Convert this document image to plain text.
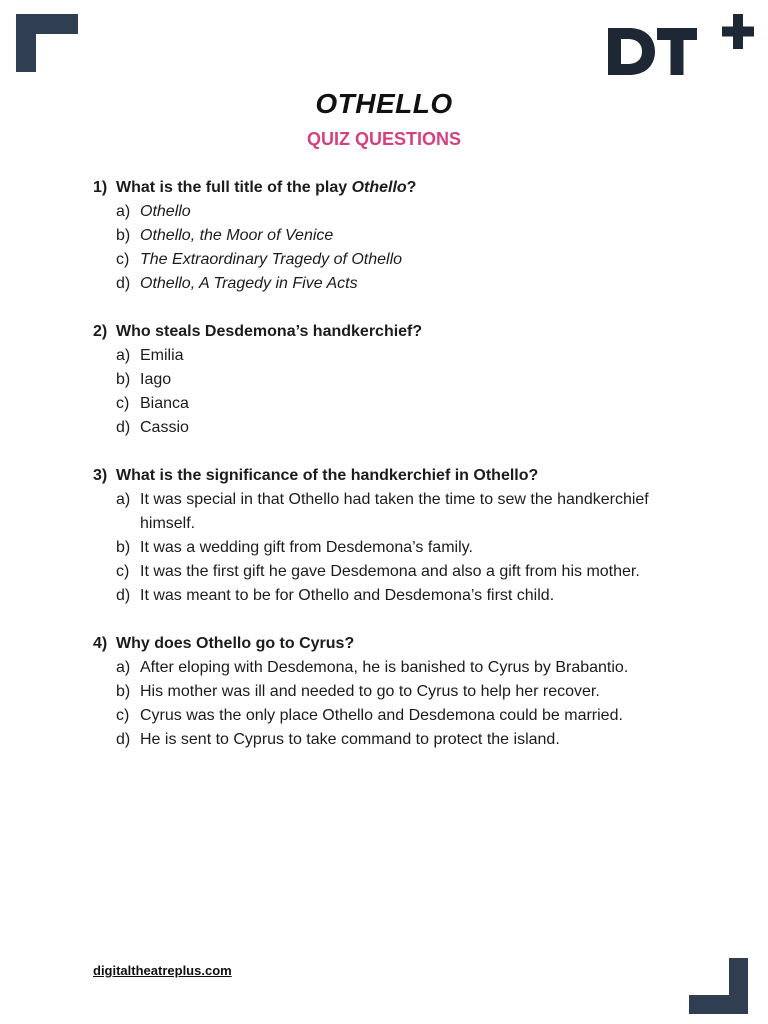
OTHELLO
QUIZ QUESTIONS
1) What is the full title of the play Othello?
a) Othello
b) Othello, the Moor of Venice
c) The Extraordinary Tragedy of Othello
d) Othello, A Tragedy in Five Acts
2) Who steals Desdemona’s handkerchief?
a) Emilia
b) Iago
c) Bianca
d) Cassio
3) What is the significance of the handkerchief in Othello?
a) It was special in that Othello had taken the time to sew the handkerchief himself.
b) It was a wedding gift from Desdemona’s family.
c) It was the first gift he gave Desdemona and also a gift from his mother.
d) It was meant to be for Othello and Desdemona’s first child.
4) Why does Othello go to Cyrus?
a) After eloping with Desdemona, he is banished to Cyrus by Brabantio.
b) His mother was ill and needed to go to Cyrus to help her recover.
c) Cyrus was the only place Othello and Desdemona could be married.
d) He is sent to Cyprus to take command to protect the island.
digitaltheatreplus.com
